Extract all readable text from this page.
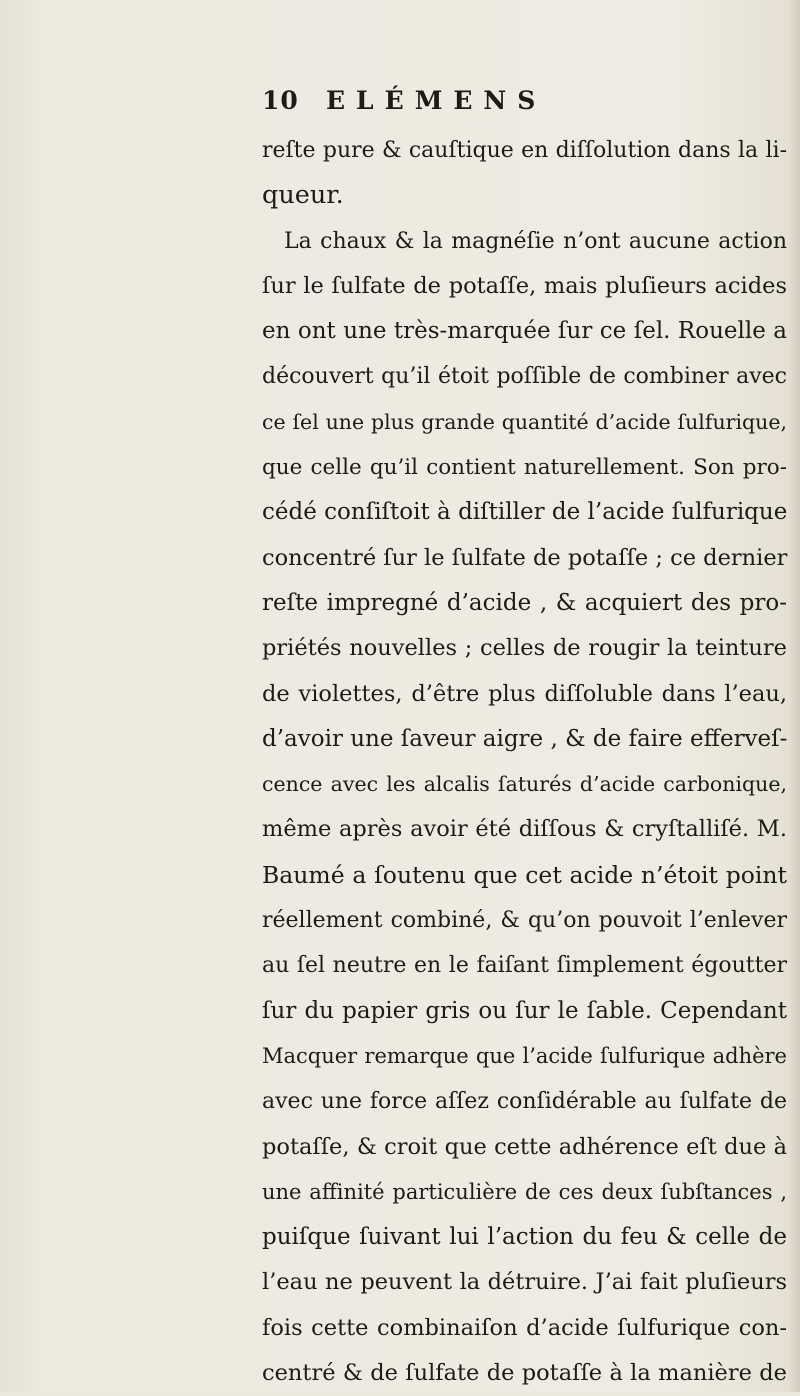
10 ELÉMENS
reſte pure & cauſtique en diſſolution dans la li-
queur.
La chaux & la magnéſie n’ont aucune action
ſur le ſulfate de potaſſe, mais pluſieurs acides
en ont une très-marquée ſur ce ſel. Rouelle a
découvert qu’il étoit poſſible de combiner avec
ce ſel une plus grande quantité d’acide ſulfurique,
que celle qu’il contient naturellement. Son pro-
cédé conſiſtoit à diſtiller de l’acide ſulfurique
concentré ſur le ſulfate de potaſſe ; ce dernier
reſte impregné d’acide , & acquiert des pro-
priétés nouvelles ; celles de rougir la teinture
de violettes, d’être plus diſſoluble dans l’eau,
d’avoir une ſaveur aigre , & de faire efferveſ-
cence avec les alcalis ſaturés d’acide carbonique,
même après avoir été diſſous & cryſtalliſé. M.
Baumé a ſoutenu que cet acide n’étoit point
réellement combiné, & qu’on pouvoit l’enlever
au ſel neutre en le faiſant ſimplement égoutter
ſur du papier gris ou ſur le ſable. Cependant
Macquer remarque que l’acide ſulfurique adhère
avec une force aſſez conſidérable au ſulfate de
potaſſe, & croit que cette adhérence eſt due à
une affinité particulière de ces deux ſubſtances ,
puiſque ſuivant lui l’action du feu & celle de
l’eau ne peuvent la détruire. J’ai fait pluſieurs
fois cette combinaiſon d’acide ſulfurique con-
centré & de ſulfate de potaſſe à la manière de
